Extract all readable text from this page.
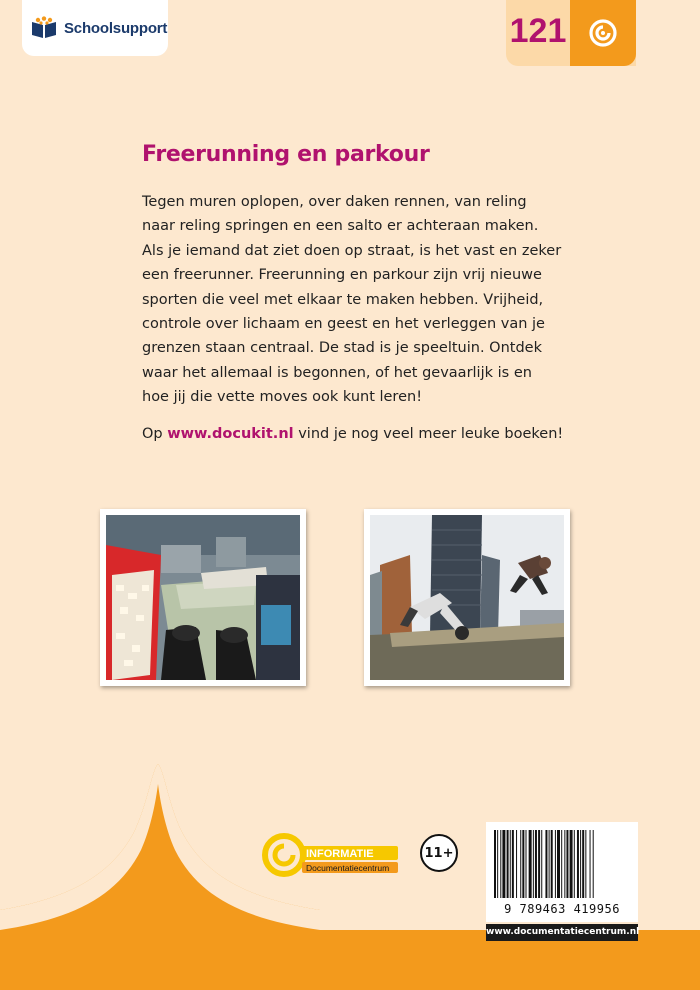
Schoolsupport	121
Freerunning en parkour
Tegen muren oplopen, over daken rennen, van reling
naar reling springen en een salto er achteraan maken.
Als je iemand dat ziet doen op straat, is het vast en zeker
een freerunner. Freerunning en parkour zijn vrij nieuwe
sporten die veel met elkaar te maken hebben. Vrijheid,
controle over lichaam en geest en het verleggen van je
grenzen staan centraal. De stad is je speeltuin. Ontdek
waar het allemaal is begonnen, of het gevaarlijk is en
hoe jij die vette moves ook kunt leren!
Op www.docukit.nl vind je nog veel meer leuke boeken!
INFORMATIE
Documentatiecentrum
11+
9 789463 419956
www.documentatiecentrum.nl
